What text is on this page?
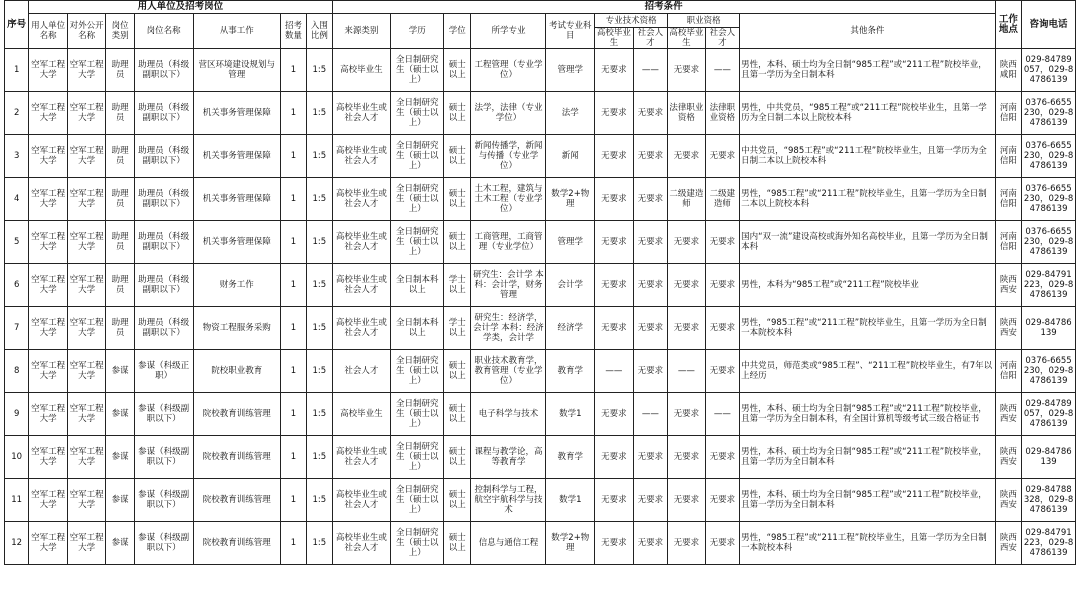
序号	用人单位及招考岗位							招考条件										工作地点	咨询电话
	用人单位名称	对外公开名称	岗位类别	岗位名称	从事工作	招考数量	入围比例	来源类别	学历	学位	所学专业	考试专业科目	专业技术资格		职业资格		其他条件		
													高校毕业生	社会人才	高校毕业生	社会人才			
1	空军工程大学	空军工程大学	助理员	助理员（科级副职以下）	营区环境建设规划与管理	1	1:5	高校毕业生	全日制研究生（硕士以上）	硕士以上	工程管理（专业学位）	管理学	无要求	——	无要求	——	男性，本科、硕士均为全日制“985工程”或“211工程”院校毕业，且第一学历为全日制本科	陕西咸阳	029-84789057，029-84786139
2	空军工程大学	空军工程大学	助理员	助理员（科级副职以下）	机关事务管理保障	1	1:5	高校毕业生或社会人才	全日制研究生（硕士以上）	硕士以上	法学，法律（专业学位）	法学	无要求	无要求	法律职业资格	法律职业资格	男性，中共党员，“985工程”或“211工程”院校毕业生，且第一学历为全日制二本以上院校本科	河南信阳	0376-6655230，029-84786139
3	空军工程大学	空军工程大学	助理员	助理员（科级副职以下）	机关事务管理保障	1	1:5	高校毕业生或社会人才	全日制研究生（硕士以上）	硕士以上	新闻传播学，新闻与传播（专业学位）	新闻	无要求	无要求	无要求	无要求	中共党员，“985工程”或“211工程”院校毕业生，且第一学历为全日制二本以上院校本科	河南信阳	0376-6655230，029-84786139
4	空军工程大学	空军工程大学	助理员	助理员（科级副职以下）	机关事务管理保障	1	1:5	高校毕业生或社会人才	全日制研究生（硕士以上）	硕士以上	土木工程，建筑与土木工程（专业学位）	数学2+物理	无要求	无要求	二级建造师	二级建造师	男性，“985工程”或“211工程”院校毕业生，且第一学历为全日制二本以上院校本科	河南信阳	0376-6655230，029-84786139
5	空军工程大学	空军工程大学	助理员	助理员（科级副职以下）	机关事务管理保障	1	1:5	高校毕业生或社会人才	全日制研究生（硕士以上）	硕士以上	工商管理，工商管理（专业学位）	管理学	无要求	无要求	无要求	无要求	国内“双一流”建设高校或海外知名高校毕业，且第一学历为全日制本科	河南信阳	0376-6655230，029-84786139
6	空军工程大学	空军工程大学	助理员	助理员（科级副职以下）	财务工作	1	1:5	高校毕业生或社会人才	全日制本科以上	学士以上	研究生：会计学 本科：会计学，财务管理	会计学	无要求	无要求	无要求	无要求	男性，本科为“985工程”或“211工程”院校毕业	陕西西安	029-84791223，029-84786139
7	空军工程大学	空军工程大学	助理员	助理员（科级副职以下）	物资工程服务采购	1	1:5	高校毕业生或社会人才	全日制本科以上	学士以上	研究生：经济学，会计学 本科：经济学类，会计学	经济学	无要求	无要求	无要求	无要求	男性，“985工程”或“211工程”院校毕业生，且第一学历为全日制一本院校本科	陕西西安	029-84786139
8	空军工程大学	空军工程大学	参谋	参谋（科级正职）	院校职业教育	1	1:5	社会人才	全日制研究生（硕士以上）	硕士以上	职业技术教育学，教育管理（专业学位）	教育学	——	无要求	——	无要求	中共党员，师范类或“985工程”、“211工程”院校毕业生，有7年以上经历	河南信阳	0376-6655230，029-84786139
9	空军工程大学	空军工程大学	参谋	参谋（科级副职以下）	院校教育训练管理	1	1:5	高校毕业生	全日制研究生（硕士以上）	硕士以上	电子科学与技术	数学1	无要求	——	无要求	——	男性，本科、硕士均为全日制“985工程”或“211工程”院校毕业，且第一学历为全日制本科，有全国计算机等级考试三级合格证书	陕西西安	029-84789057，029-84786139
10	空军工程大学	空军工程大学	参谋	参谋（科级副职以下）	院校教育训练管理	1	1:5	高校毕业生或社会人才	全日制研究生（硕士以上）	硕士以上	课程与教学论，高等教育学	教育学	无要求	无要求	无要求	无要求	男性，本科、硕士均为全日制“985工程”或“211工程”院校毕业，且第一学历为全日制本科	陕西西安	029-84786139
11	空军工程大学	空军工程大学	参谋	参谋（科级副职以下）	院校教育训练管理	1	1:5	高校毕业生或社会人才	全日制研究生（硕士以上）	硕士以上	控制科学与工程，航空宇航科学与技术	数学1	无要求	无要求	无要求	无要求	男性，本科、硕士均为全日制“985工程”或“211工程”院校毕业，且第一学历为全日制本科	陕西西安	029-84788328，029-84786139
12	空军工程大学	空军工程大学	参谋	参谋（科级副职以下）	院校教育训练管理	1	1:5	高校毕业生或社会人才	全日制研究生（硕士以上）	硕士以上	信息与通信工程	数学2+物理	无要求	无要求	无要求	无要求	男性，“985工程”或“211工程”院校毕业生，且第一学历为全日制一本院校本科	陕西西安	029-84791223，029-84786139
